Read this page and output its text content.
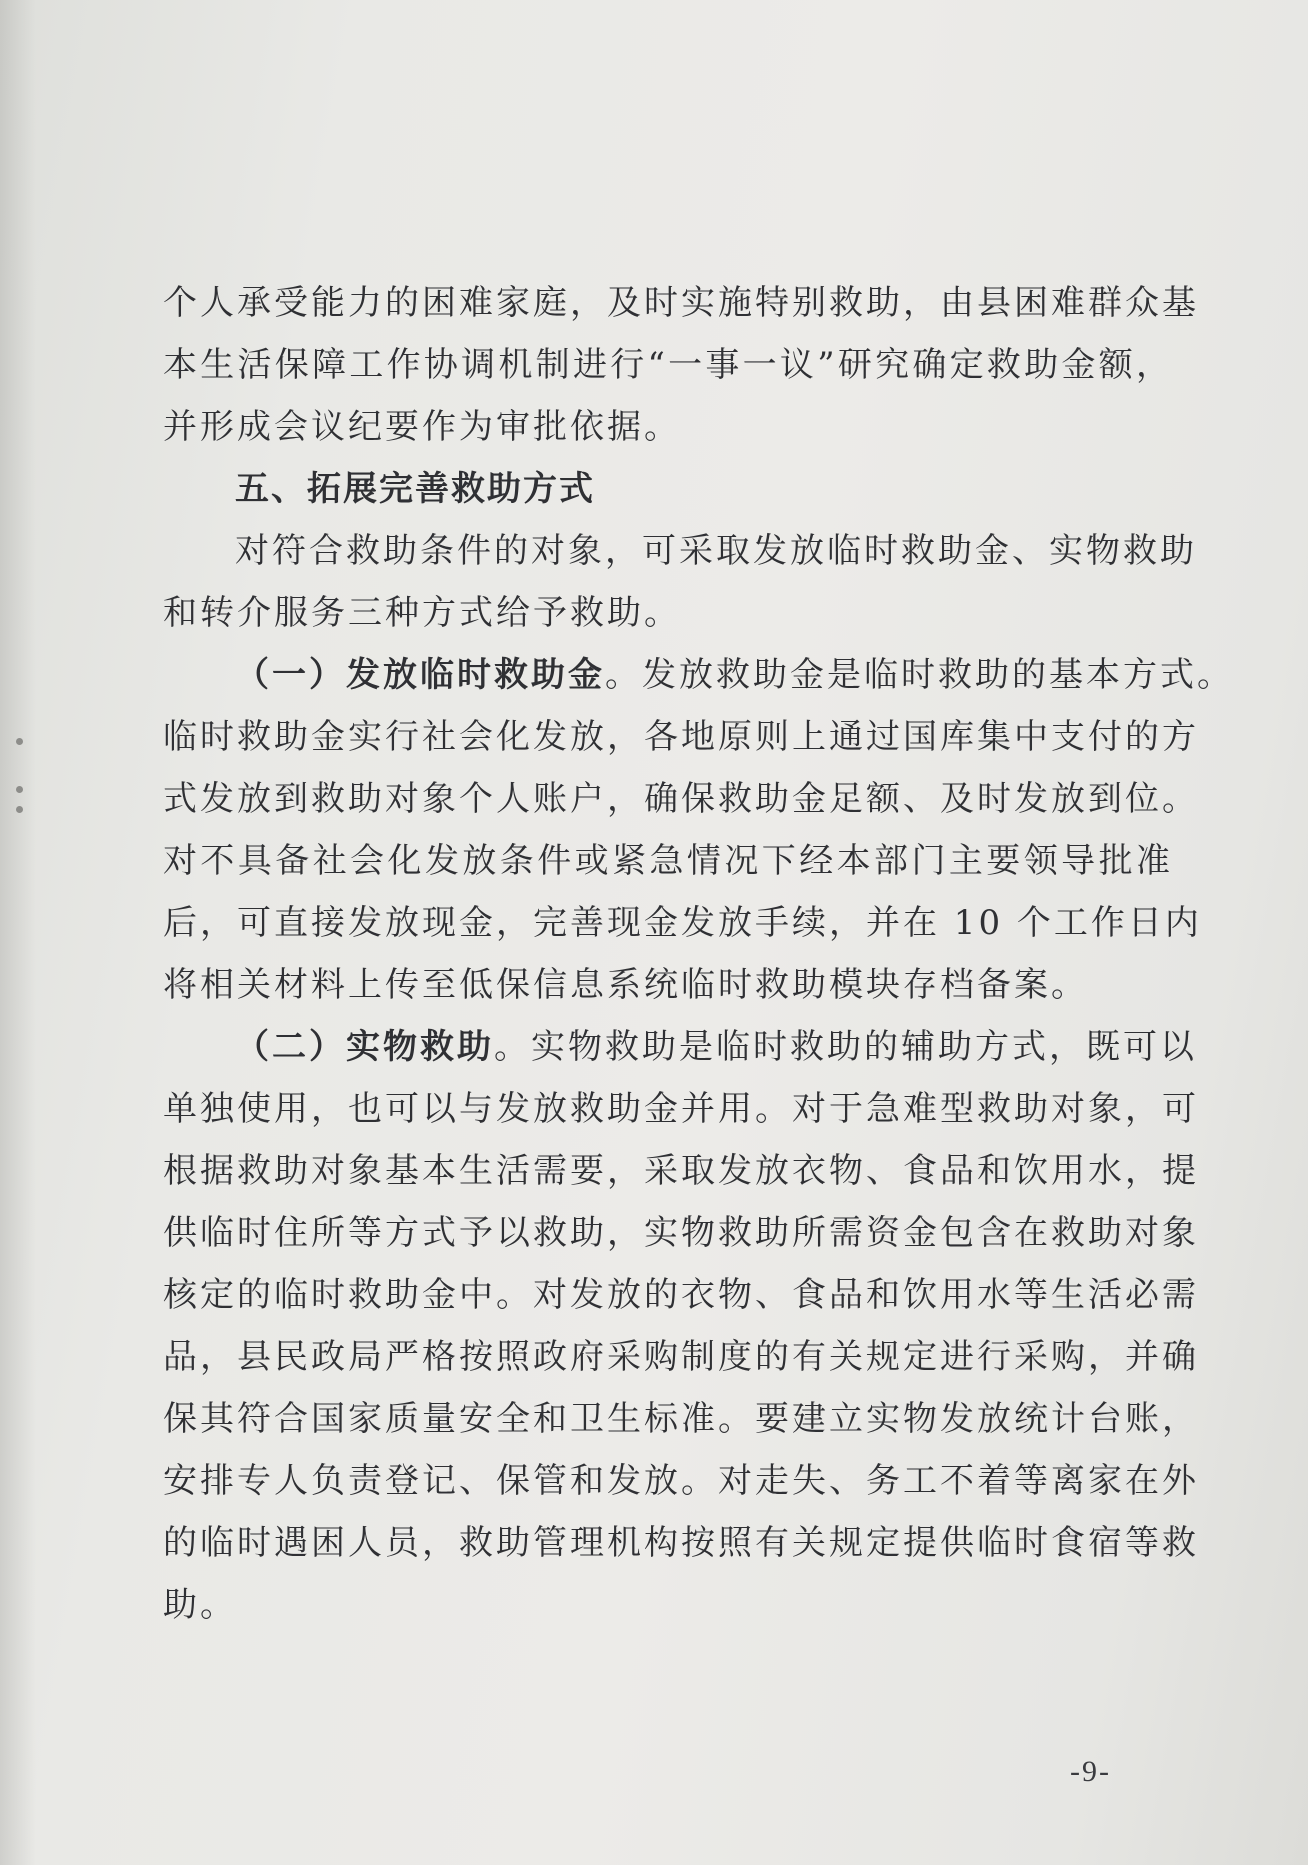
个人承受能力的困难家庭，及时实施特别救助，由县困难群众基
本生活保障工作协调机制进行“一事一议”研究确定救助金额，
并形成会议纪要作为审批依据。
五、拓展完善救助方式
对符合救助条件的对象，可采取发放临时救助金、实物救助
和转介服务三种方式给予救助。
（一）发放临时救助金。发放救助金是临时救助的基本方式。
临时救助金实行社会化发放，各地原则上通过国库集中支付的方
式发放到救助对象个人账户，确保救助金足额、及时发放到位。
对不具备社会化发放条件或紧急情况下经本部门主要领导批准
后，可直接发放现金，完善现金发放手续，并在 10 个工作日内
将相关材料上传至低保信息系统临时救助模块存档备案。
（二）实物救助。实物救助是临时救助的辅助方式，既可以
单独使用，也可以与发放救助金并用。对于急难型救助对象，可
根据救助对象基本生活需要，采取发放衣物、食品和饮用水，提
供临时住所等方式予以救助，实物救助所需资金包含在救助对象
核定的临时救助金中。对发放的衣物、食品和饮用水等生活必需
品，县民政局严格按照政府采购制度的有关规定进行采购，并确
保其符合国家质量安全和卫生标准。要建立实物发放统计台账，
安排专人负责登记、保管和发放。对走失、务工不着等离家在外
的临时遇困人员，救助管理机构按照有关规定提供临时食宿等救
助。
-9-
